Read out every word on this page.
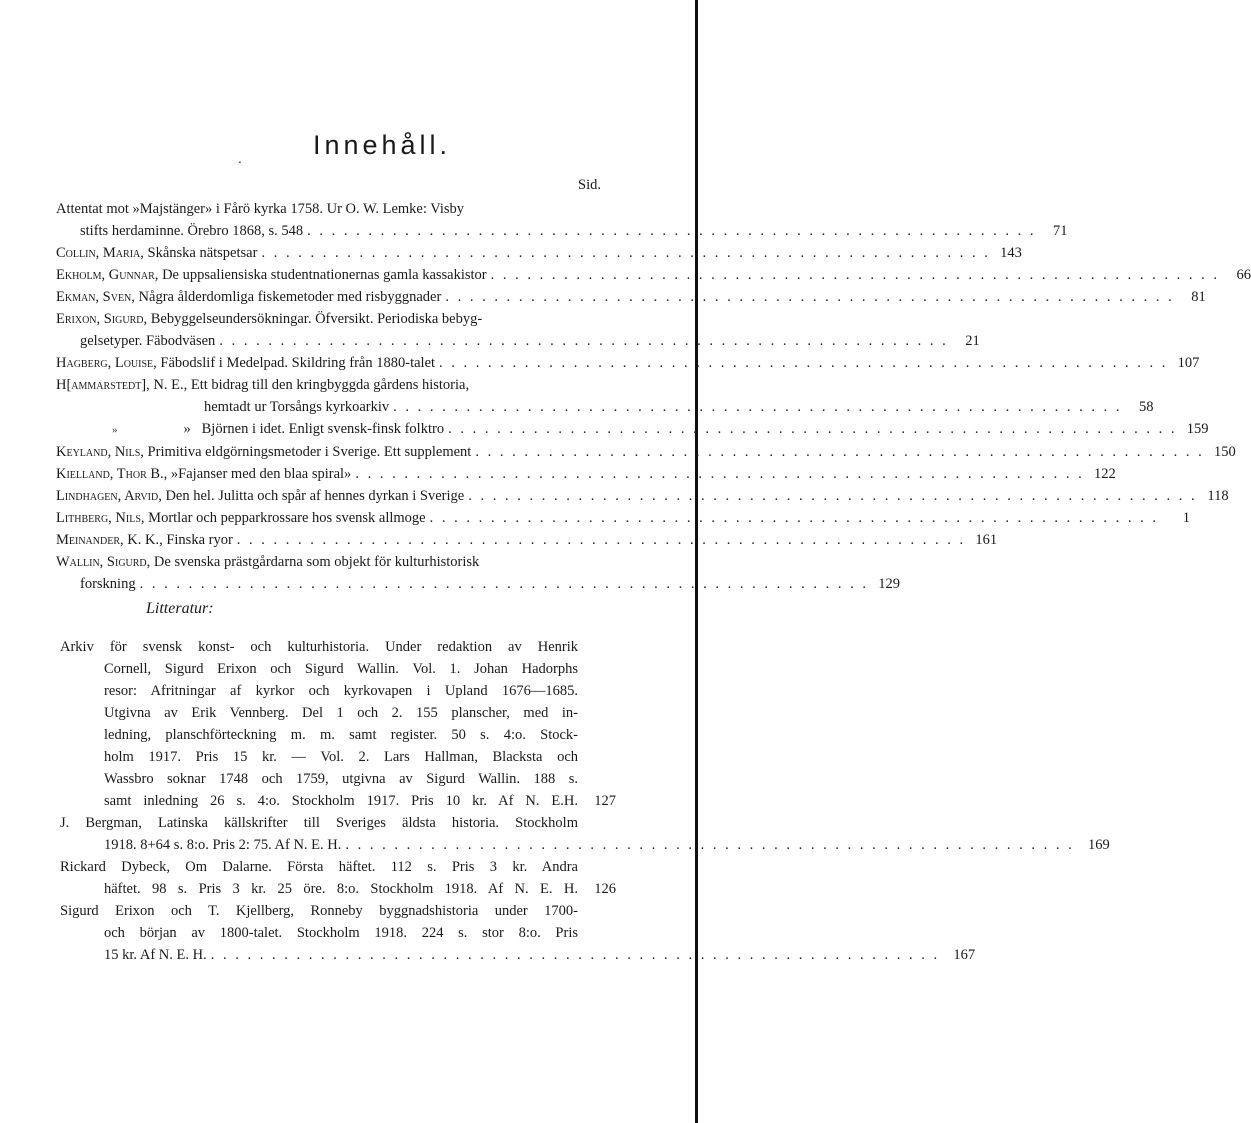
.	Innehåll.
Sid.
Attentat mot »Majstänger» i Fårö kyrka 1758. Ur O. W. Lemke: Visby
stifts herdaminne. Örebro 1868, s. 548 . . .	71
Collin, Maria, Skånska nätspetsar . . .	143
Ekholm, Gunnar, De uppsaliensiska studentnationernas gamla kassakistor . . .	66
Ekman, Sven, Några ålderdomliga fiskemetoder med risbyggnader . . .	81
Erixon, Sigurd, Bebyggelseundersökningar. Öfversikt. Periodiska bebyg-
gelsetyper. Fäbodväsen . . .	21
Hagberg, Louise, Fäbodslif i Medelpad. Skildring från 1880-talet . . .	107
H[ammarstedt], N. E., Ett bidrag till den kringbyggda gårdens historia,
hemtadt ur Torsångs kyrkoarkiv . . .	58
»	» Björnen i idet. Enligt svensk-finsk folktro . . .	159
Keyland, Nils, Primitiva eldgörningsmetoder i Sverige. Ett supplement . . .	150
Kielland, Thor B., »Fajanser med den blaa spiral» . . .	122
Lindhagen, Arvid, Den hel. Julitta och spår af hennes dyrkan i Sverige . . .	118
Lithberg, Nils, Mortlar och pepparkrossare hos svensk allmoge . . .	1
Meinander, K. K., Finska ryor . . .	161
Wallin, Sigurd, De svenska prästgårdarna som objekt för kulturhistorisk
forskning . . .	129
Litteratur:
Arkiv för svensk konst- och kulturhistoria. Under redaktion av Henrik
Cornell, Sigurd Erixon och Sigurd Wallin. Vol. 1. Johan Hadorphs
resor: Afritningar af kyrkor och kyrkovapen i Upland 1676—1685.
Utgivna av Erik Vennberg. Del 1 och 2. 155 planscher, med in-
ledning, planschförteckning m. m. samt register. 50 s. 4:o. Stock-
holm 1917. Pris 15 kr. — Vol. 2. Lars Hallman, Blacksta och
Wassbro soknar 1748 och 1759, utgivna av Sigurd Wallin. 188 s.
samt inledning 26 s. 4:o. Stockholm 1917. Pris 10 kr. Af N. E.H.	127
J. Bergman, Latinska källskrifter till Sveriges äldsta historia. Stockholm
1918. 8+64 s. 8:o. Pris 2: 75. Af N. E. H. . . .	169
Rickard Dybeck, Om Dalarne. Första häftet. 112 s. Pris 3 kr. Andra
häftet. 98 s. Pris 3 kr. 25 öre. 8:o. Stockholm 1918. Af N. E. H.	126
Sigurd Erixon och T. Kjellberg, Ronneby byggnadshistoria under 1700-
och början av 1800-talet. Stockholm 1918. 224 s. stor 8:o. Pris
15 kr. Af N. E. H. . . .	167
